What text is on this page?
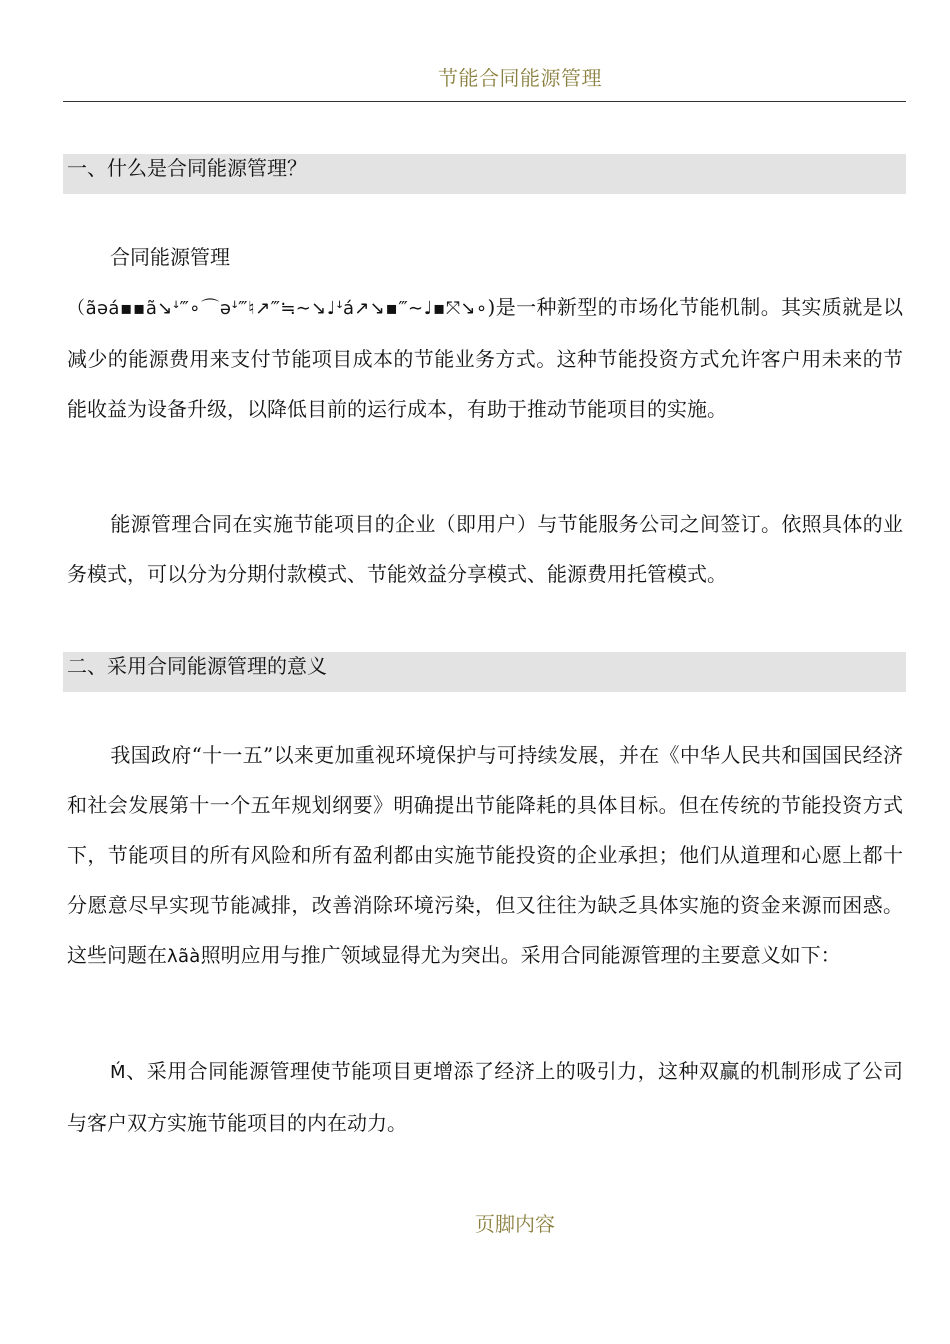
节能合同能源管理
一、什么是合同能源管理？
合同能源管理
（ãǝá▪▪ã↘ꜜ‴∘⌒ǝꜜ‴♮↗‴≒∼↘♩ꜜá↗↘▪‴∼♩▪⤧↘∘)是一种新型的市场化节能机制。其实质就是以减少的能源费用来支付节能项目成本的节能业务方式。这种节能投资方式允许客户用未来的节能收益为设备升级，以降低目前的运行成本，有助于推动节能项目的实施。
能源管理合同在实施节能项目的企业（即用户）与节能服务公司之间签订。依照具体的业务模式，可以分为分期付款模式、节能效益分享模式、能源费用托管模式。
二、采用合同能源管理的意义
我国政府“十一五”以来更加重视环境保护与可持续发展，并在《中华人民共和国国民经济和社会发展第十一个五年规划纲要》明确提出节能降耗的具体目标。但在传统的节能投资方式下，节能项目的所有风险和所有盈利都由实施节能投资的企业承担；他们从道理和心愿上都十分愿意尽早实现节能减排，改善消除环境污染，但又往往为缺乏具体实施的资金来源而困惑。这些问题在λãà照明应用与推广领域显得尤为突出。采用合同能源管理的主要意义如下：
Ḿ、采用合同能源管理使节能项目更增添了经济上的吸引力，这种双赢的机制形成了公司与客户双方实施节能项目的内在动力。
页脚内容
